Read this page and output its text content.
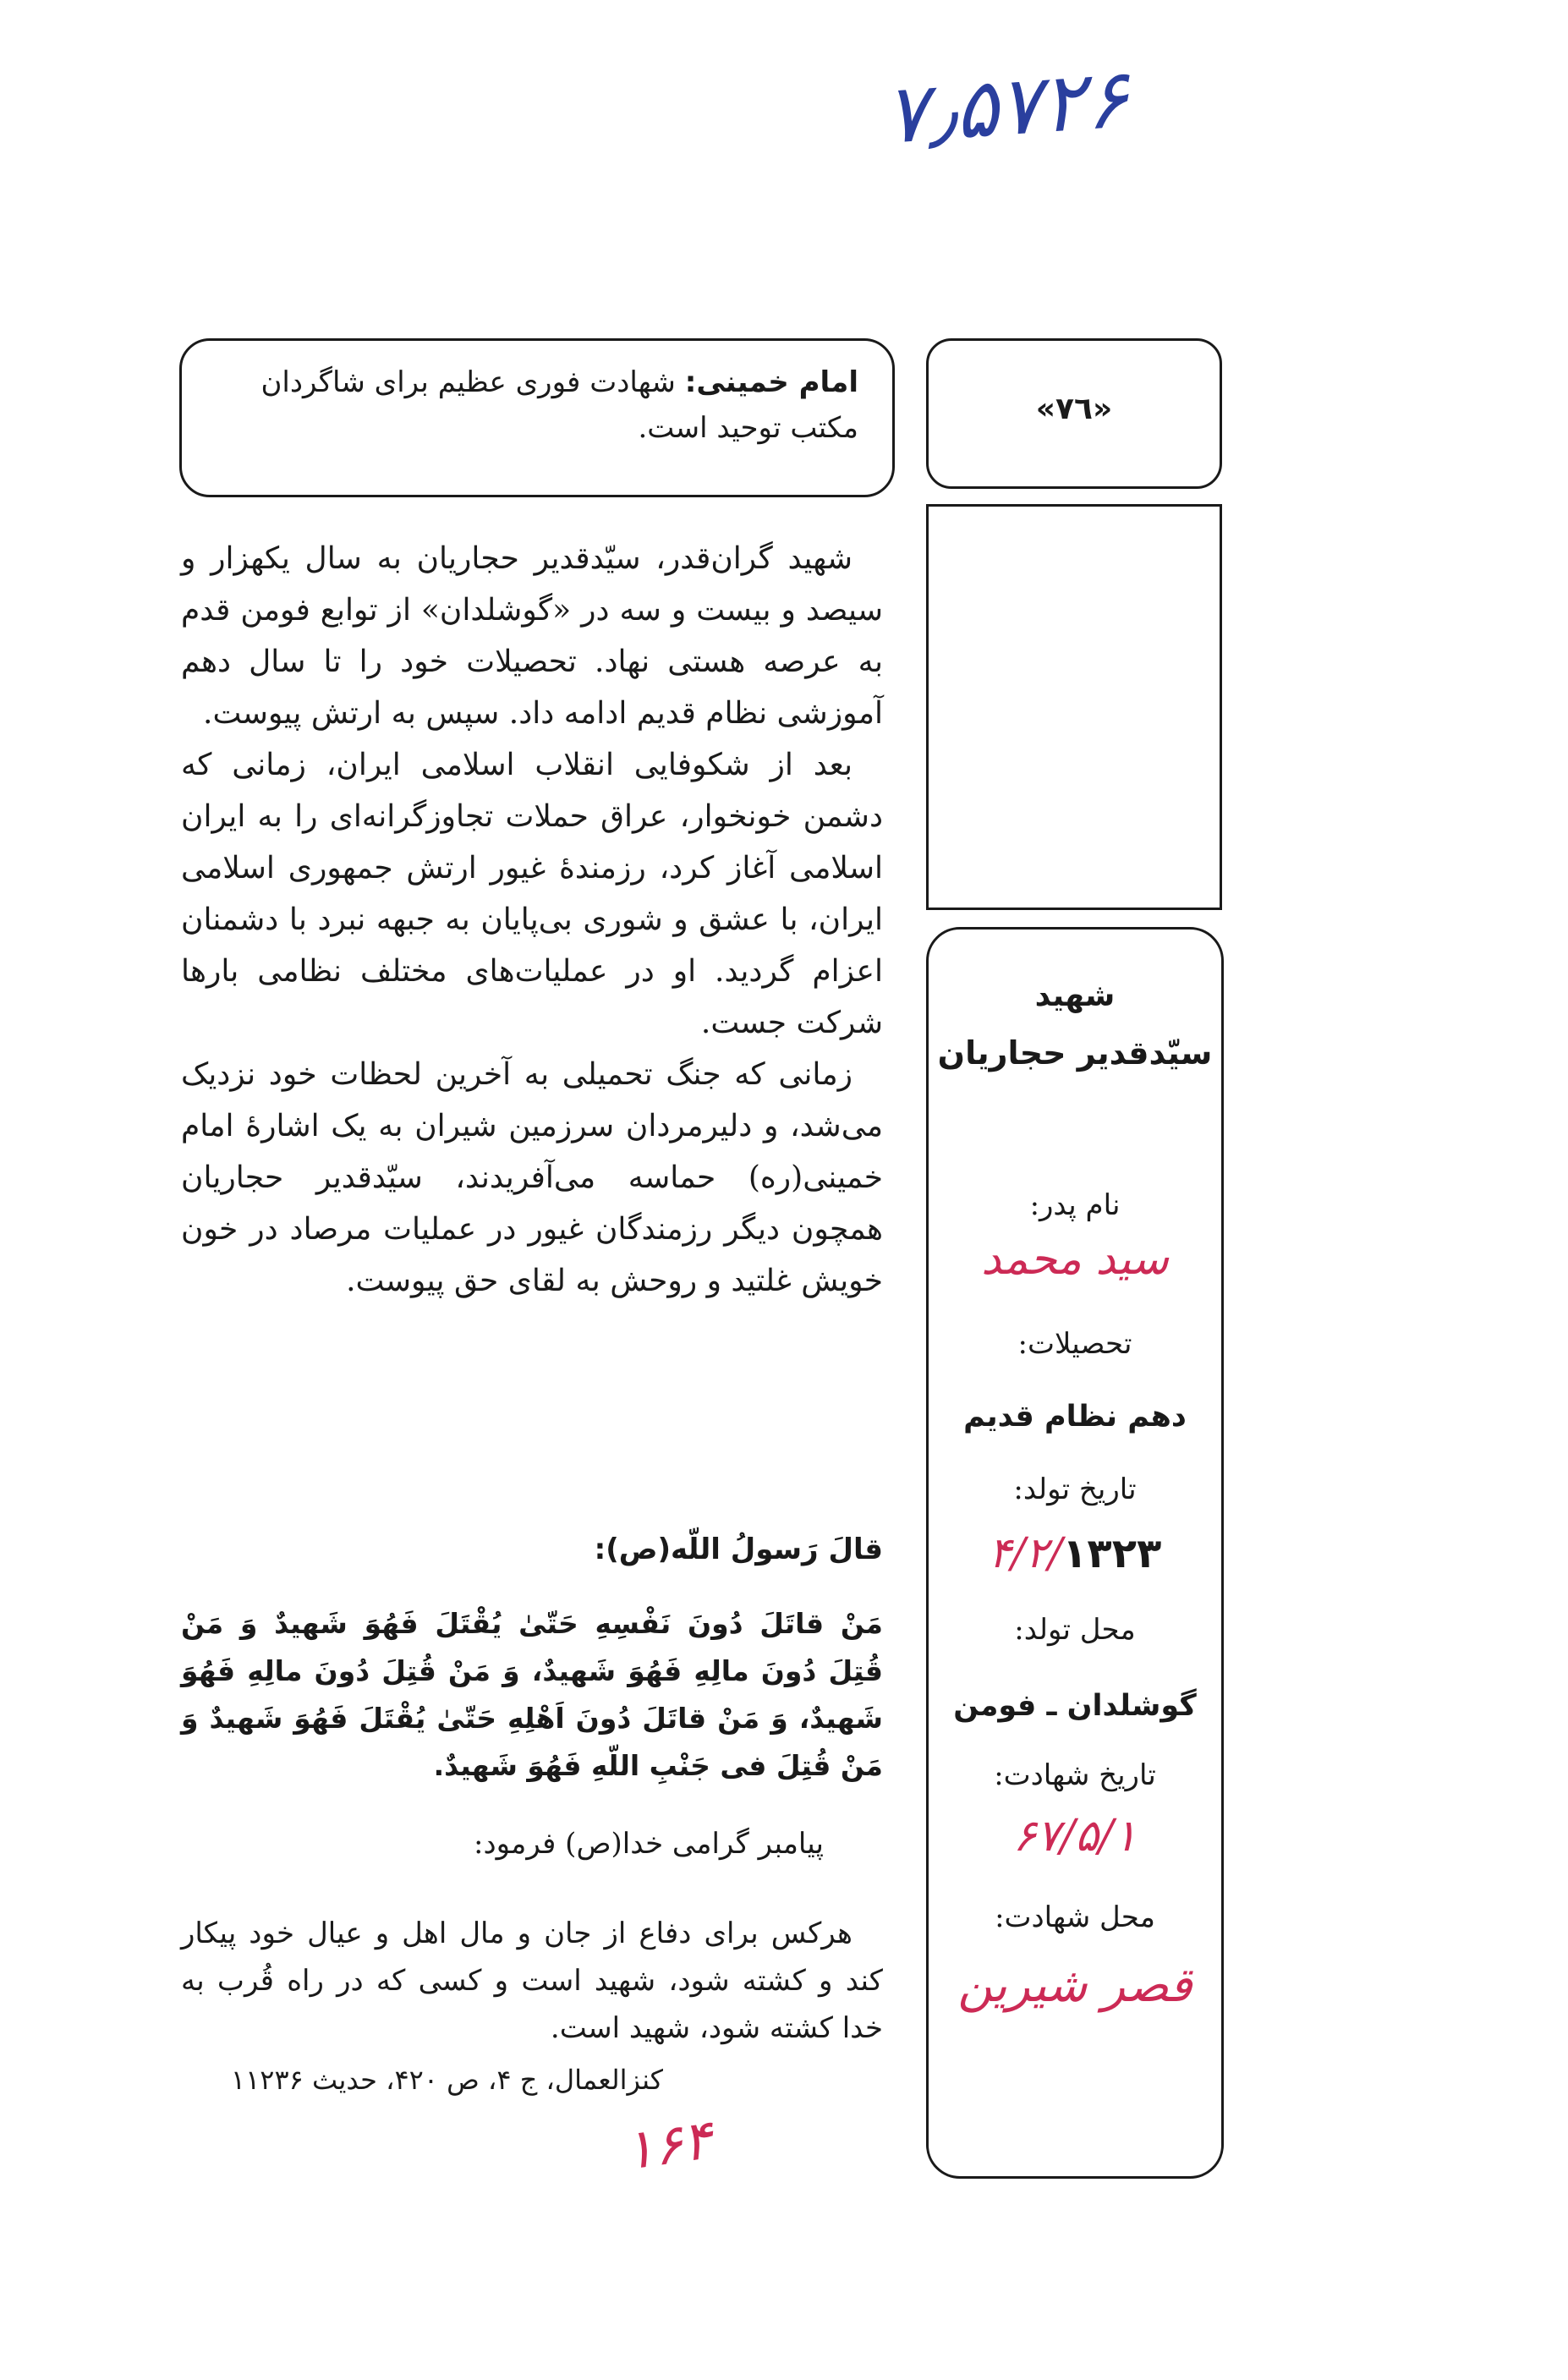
۷٫۵۷۲۶
امام خمینی: شهادت فوری عظیم برای شاگردان مکتب توحید است.
«۷٦»

شهید گران‌قدر، سیّدقدیر حجاریان به سال یکهزار و سیصد و بیست و سه در «گوشلدان» از توابع فومن قدم به عرصه هستی نهاد. تحصیلات خود را تا سال دهم آموزشی نظام قدیم ادامه داد. سپس به ارتش پیوست.

بعد از شکوفایی انقلاب اسلامی ایران، زمانی که دشمن خونخوار، عراق حملات تجاوزگرانه‌ای را به ایران اسلامی آغاز کرد، رزمندهٔ غیور ارتش جمهوری اسلامی ایران، با عشق و شوری بی‌پایان به جبهه نبرد با دشمنان اعزام گردید. او در عملیات‌های مختلف نظامی بارها شرکت جست.

زمانی که جنگ تحمیلی به آخرین لحظات خود نزدیک می‌شد، و دلیرمردان سرزمین شیران به یک اشارهٔ امام خمینی(ره) حماسه می‌آفریدند، سیّدقدیر حجاریان همچون دیگر رزمندگان غیور در عملیات مرصاد در خون خویش غلتید و روحش به لقای حق پیوست.

شهید
سیّدقدیر حجاریان
نام پدر:
سید محمد
تحصیلات:
دهم نظام قدیم
تاریخ تولد:
۴/۲/۱۳۲۳
محل تولد:
گوشلدان ـ فومن
تاریخ شهادت:
۶۷/۵/۱
محل شهادت:
قصر شیرین
قالَ رَسولُ اللّه(ص):
مَنْ قاتَلَ دُونَ نَفْسِهِ حَتّیٰ یُقْتَلَ فَهُوَ شَهیدٌ وَ مَنْ قُتِلَ دُونَ مالِهِ فَهُوَ شَهیدٌ، وَ مَنْ قُتِلَ دُونَ مالِهِ فَهُوَ شَهیدٌ، وَ مَنْ قاتَلَ دُونَ اَهْلِهِ حَتّیٰ یُقْتَلَ فَهُوَ شَهیدٌ وَ مَنْ قُتِلَ فی جَنْبِ اللّهِ فَهُوَ شَهیدٌ.
پیامبر گرامی خدا(ص) فرمود:
هرکس برای دفاع از جان و مال اهل و عیال خود پیکار کند و کشته شود، شهید است و کسی که در راه قُرب به خدا کشته شود، شهید است.
کنزالعمال، ج ۴، ص ۴۲۰، حدیث ۱۱۲۳۶
۱۶۴
